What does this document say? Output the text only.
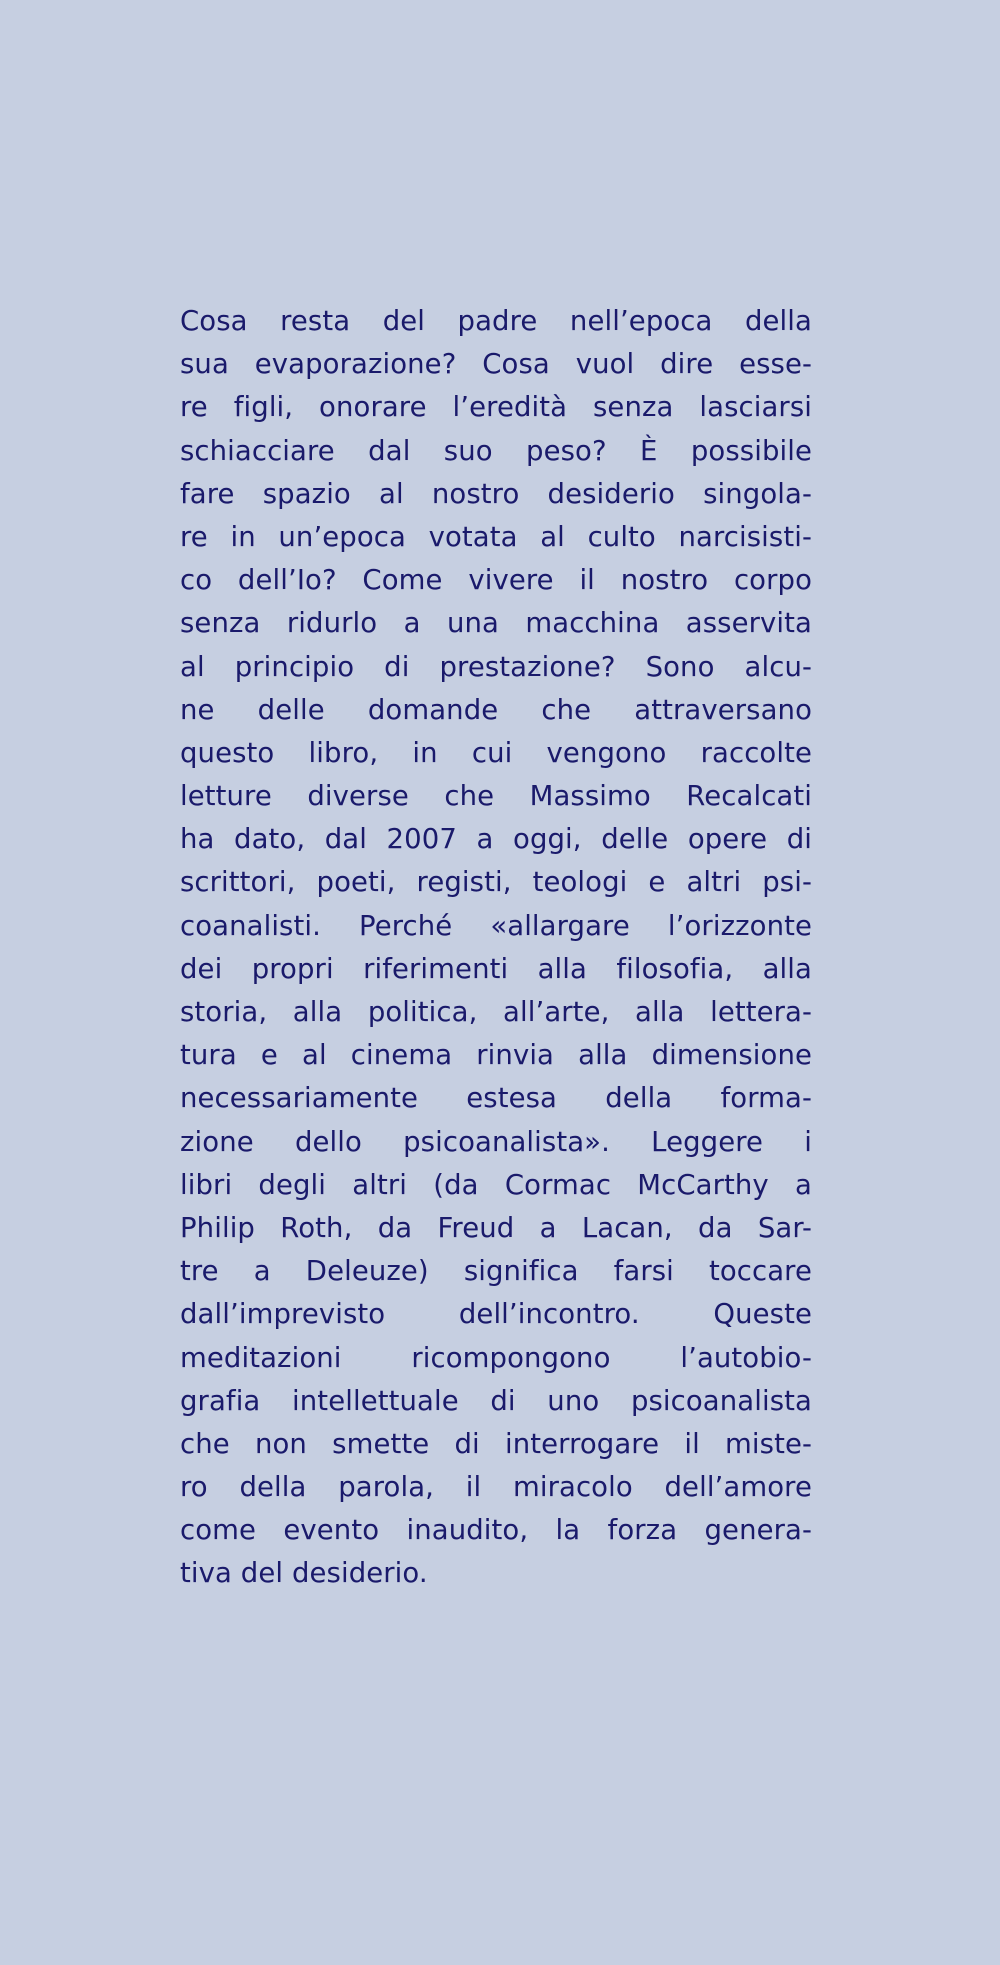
Cosa resta del padre nell’epoca della
sua evaporazione? Cosa vuol dire esse-
re figli, onorare l’eredità senza lasciarsi
schiacciare dal suo peso? È possibile
fare spazio al nostro desiderio singola-
re in un’epoca votata al culto narcisisti-
co dell’Io? Come vivere il nostro corpo
senza ridurlo a una macchina asservita
al principio di prestazione? Sono alcu-
ne delle domande che attraversano
questo libro, in cui vengono raccolte
letture diverse che Massimo Recalcati
ha dato, dal 2007 a oggi, delle opere di
scrittori, poeti, registi, teologi e altri psi-
coanalisti. Perché «allargare l’orizzonte
dei propri riferimenti alla filosofia, alla
storia, alla politica, all’arte, alla lettera-
tura e al cinema rinvia alla dimensione
necessariamente estesa della forma-
zione dello psicoanalista». Leggere i
libri degli altri (da Cormac McCarthy a
Philip Roth, da Freud a Lacan, da Sar-
tre a Deleuze) significa farsi toccare
dall’imprevisto dell’incontro. Queste
meditazioni ricompongono l’autobio-
grafia intellettuale di uno psicoanalista
che non smette di interrogare il miste-
ro della parola, il miracolo dell’amore
come evento inaudito, la forza genera-
tiva del desiderio.
